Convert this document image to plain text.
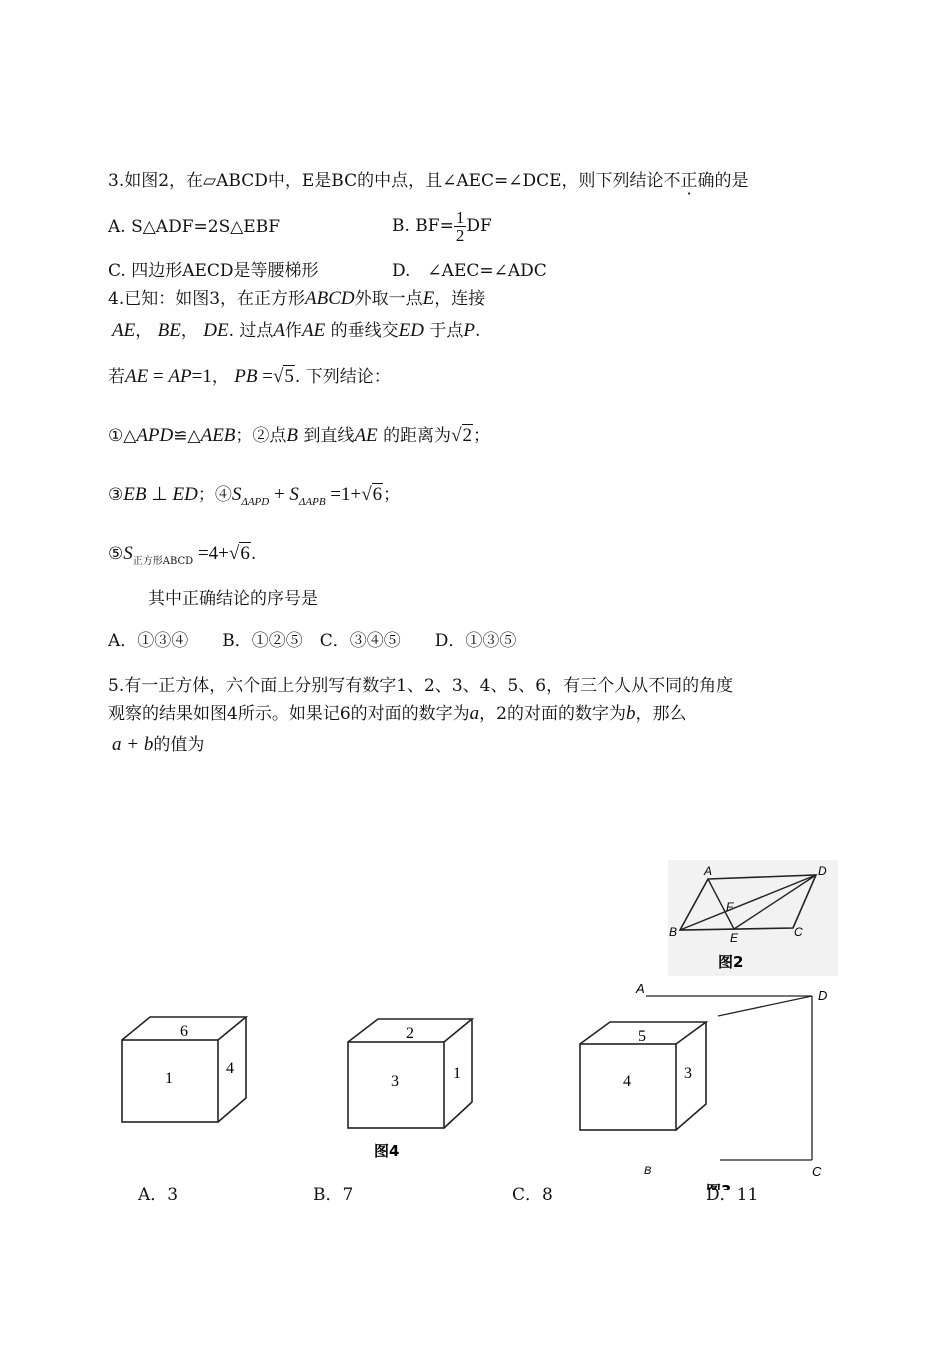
3.如图2，在▱ABCD中，E是BC的中点，且∠AEC=∠DCE，则下列结论不正确的是
A. S△ADF=2S△EBF	B. $BF= \frac{1}{2}$ DF
C. 四边形AECD是等腰梯形	D.　∠AEC=∠ADC
4.已知：如图3，在正方形ABCD外取一点E，连接
AE， BE， DE. 过点A作AE 的垂线交ED 于点P.
若AE = AP=1， PB =√5. 下列结论：
①△APD≌△AEB；②点B 到直线AE 的距离为√2；
③EB ⊥ ED；$④S_{\Delta APD} + S_{\Delta APB} =1+√6$；
$⑤S_{正方形ABCD} =4+√6$.
其中正确结论的序号是
A．①③④　　B．①②⑤　C．③④⑤　　D．①③⑤
5.有一正方体，六个面上分别写有数字1、2、3、4、5、6，有三个人从不同的角度
观察的结果如图4所示。如果记6的对面的数字为a，2的对面的数字为b，那么
a + b的值为
A	D
F
B	E	C
图2
A	D
B	C
6
1
4
2
3	1
图4
5
4	3
A．3	B．7	C．8	D．11
